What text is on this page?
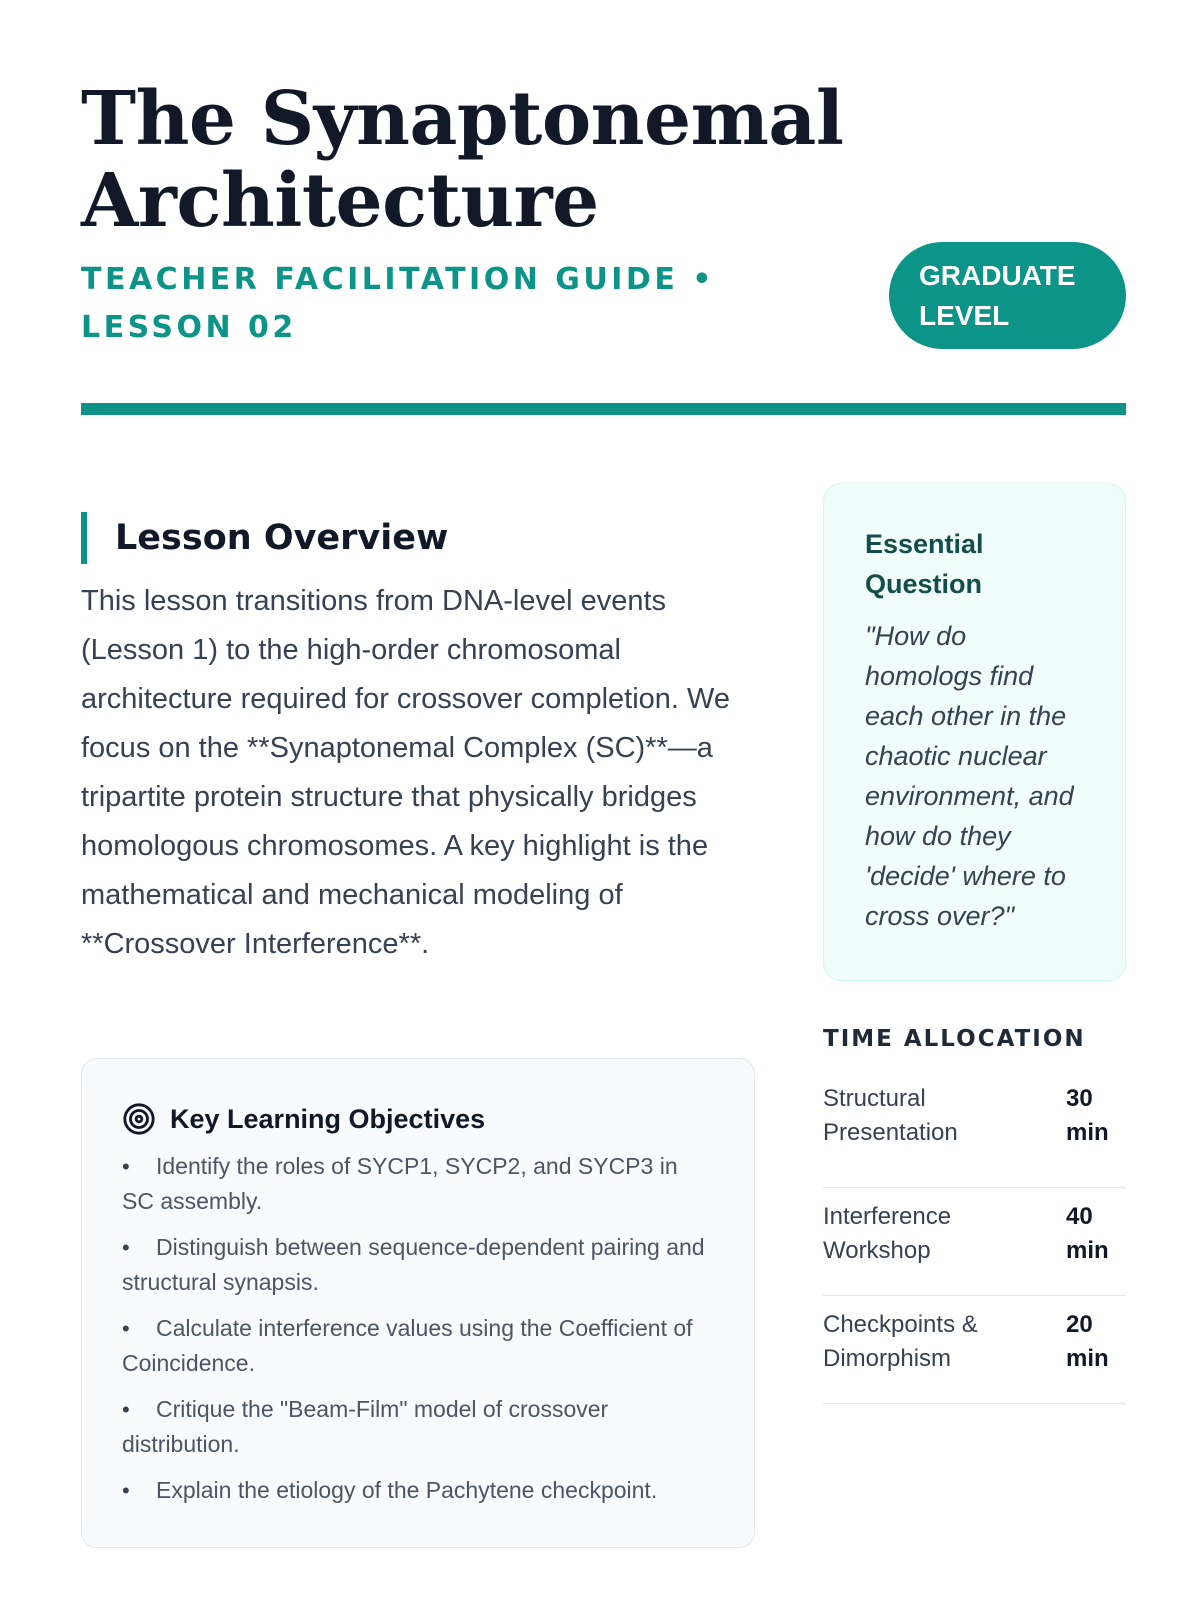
The Synaptonemal Architecture
TEACHER FACILITATION GUIDE • LESSON 02
GRADUATE LEVEL
Lesson Overview

This lesson transitions from DNA-level events (Lesson 1) to the high-order chromosomal architecture required for crossover completion. We focus on the **Synaptonemal Complex (SC)**—a tripartite protein structure that physically bridges homologous chromosomes. A key highlight is the mathematical and mechanical modeling of **Crossover Interference**.

Key Learning Objectives
• Identify the roles of SYCP1, SYCP2, and SYCP3 in SC assembly.
• Distinguish between sequence-dependent pairing and structural synapsis.
• Calculate interference values using the Coefficient of Coincidence.
• Critique the "Beam-Film" model of crossover distribution.
• Explain the etiology of the Pachytene checkpoint.
Essential Question

"How do homologs find each other in the chaotic nuclear environment, and how do they 'decide' where to cross over?"

TIME ALLOCATION
Structural Presentation
30 min
Interference Workshop
40 min
Checkpoints & Dimorphism
20 min
